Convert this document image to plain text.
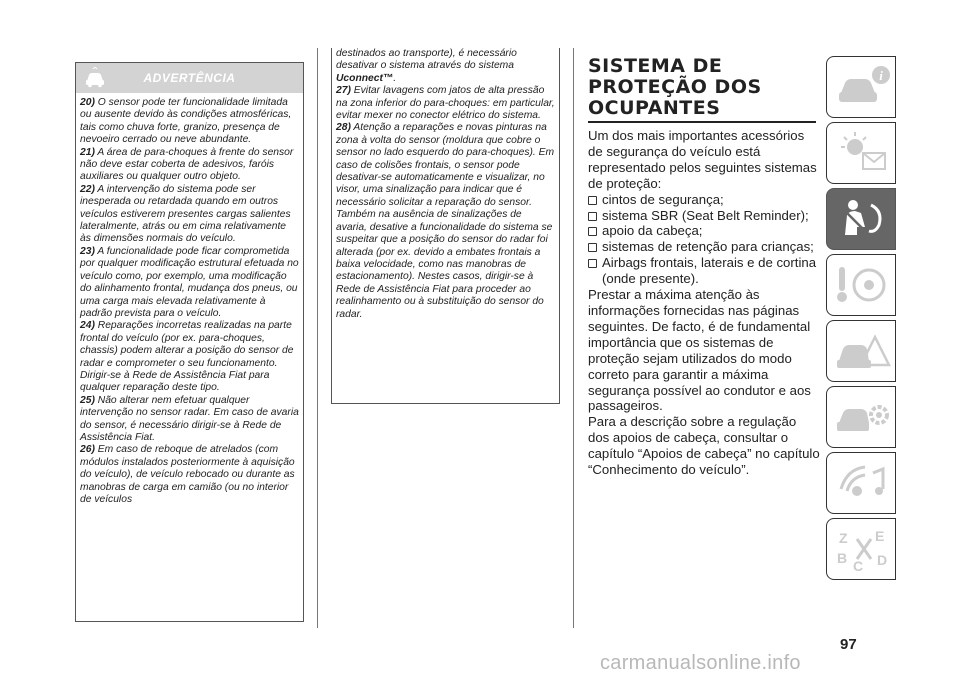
ADVERTÊNCIA

20) O sensor pode ter funcionalidade limitada ou ausente devido às condições atmosféricas, tais como chuva forte, granizo, presença de nevoeiro cerrado ou neve abundante.

21) A área de para-choques à frente do sensor não deve estar coberta de adesivos, faróis auxiliares ou qualquer outro objeto.

22) A intervenção do sistema pode ser inesperada ou retardada quando em outros veículos estiverem presentes cargas salientes lateralmente, atrás ou em cima relativamente às dimensões normais do veículo.

23) A funcionalidade pode ficar comprometida por qualquer modificação estrutural efetuada no veículo como, por exemplo, uma modificação do alinhamento frontal, mudança dos pneus, ou uma carga mais elevada relativamente à padrão prevista para o veículo.

24) Reparações incorretas realizadas na parte frontal do veículo (por ex. para-choques, chassis) podem alterar a posição do sensor de radar e comprometer o seu funcionamento. Dirigir-se à Rede de Assistência Fiat para qualquer reparação deste tipo.

25) Não alterar nem efetuar qualquer intervenção no sensor radar. Em caso de avaria do sensor, é necessário dirigir-se à Rede de Assistência Fiat.

26) Em caso de reboque de atrelados (com módulos instalados posteriormente à aquisição do veículo), de veículo rebocado ou durante as manobras de carga em camião (ou no interior de veículos

destinados ao transporte), é necessário desativar o sistema através do sistema Uconnect™.

27) Evitar lavagens com jatos de alta pressão na zona inferior do para-choques: em particular, evitar mexer no conector elétrico do sistema.

28) Atenção a reparações e novas pinturas na zona à volta do sensor (moldura que cobre o sensor no lado esquerdo do para-choques). Em caso de colisões frontais, o sensor pode desativar-se automaticamente e visualizar, no visor, uma sinalização para indicar que é necessário solicitar a reparação do sensor. Também na ausência de sinalizações de avaria, desative a funcionalidade do sistema se suspeitar que a posição do sensor do radar foi alterada (por ex. devido a embates frontais a baixa velocidade, como nas manobras de estacionamento). Nestes casos, dirigir-se à Rede de Assistência Fiat para proceder ao realinhamento ou à substituição do sensor do radar.

SISTEMA DE
PROTEÇÃO DOS
OCUPANTES
Um dos mais importantes acessórios de segurança do veículo está representado pelos seguintes sistemas de proteção:
cintos de segurança;
sistema SBR (Seat Belt Reminder);
apoio da cabeça;
sistemas de retenção para crianças;
Airbags frontais, laterais e de cortina (onde presente).
Prestar a máxima atenção às informações fornecidas nas páginas seguintes. De facto, é de fundamental importância que os sistemas de proteção sejam utilizados do modo correto para garantir a máxima segurança possível ao condutor e aos passageiros.
Para a descrição sobre a regulação dos apoios de cabeça, consultar o capítulo “Apoios de cabeça” no capítulo “Conhecimento do veículo”.
i
Z E
B D
C
97
carmanualsonline.info
